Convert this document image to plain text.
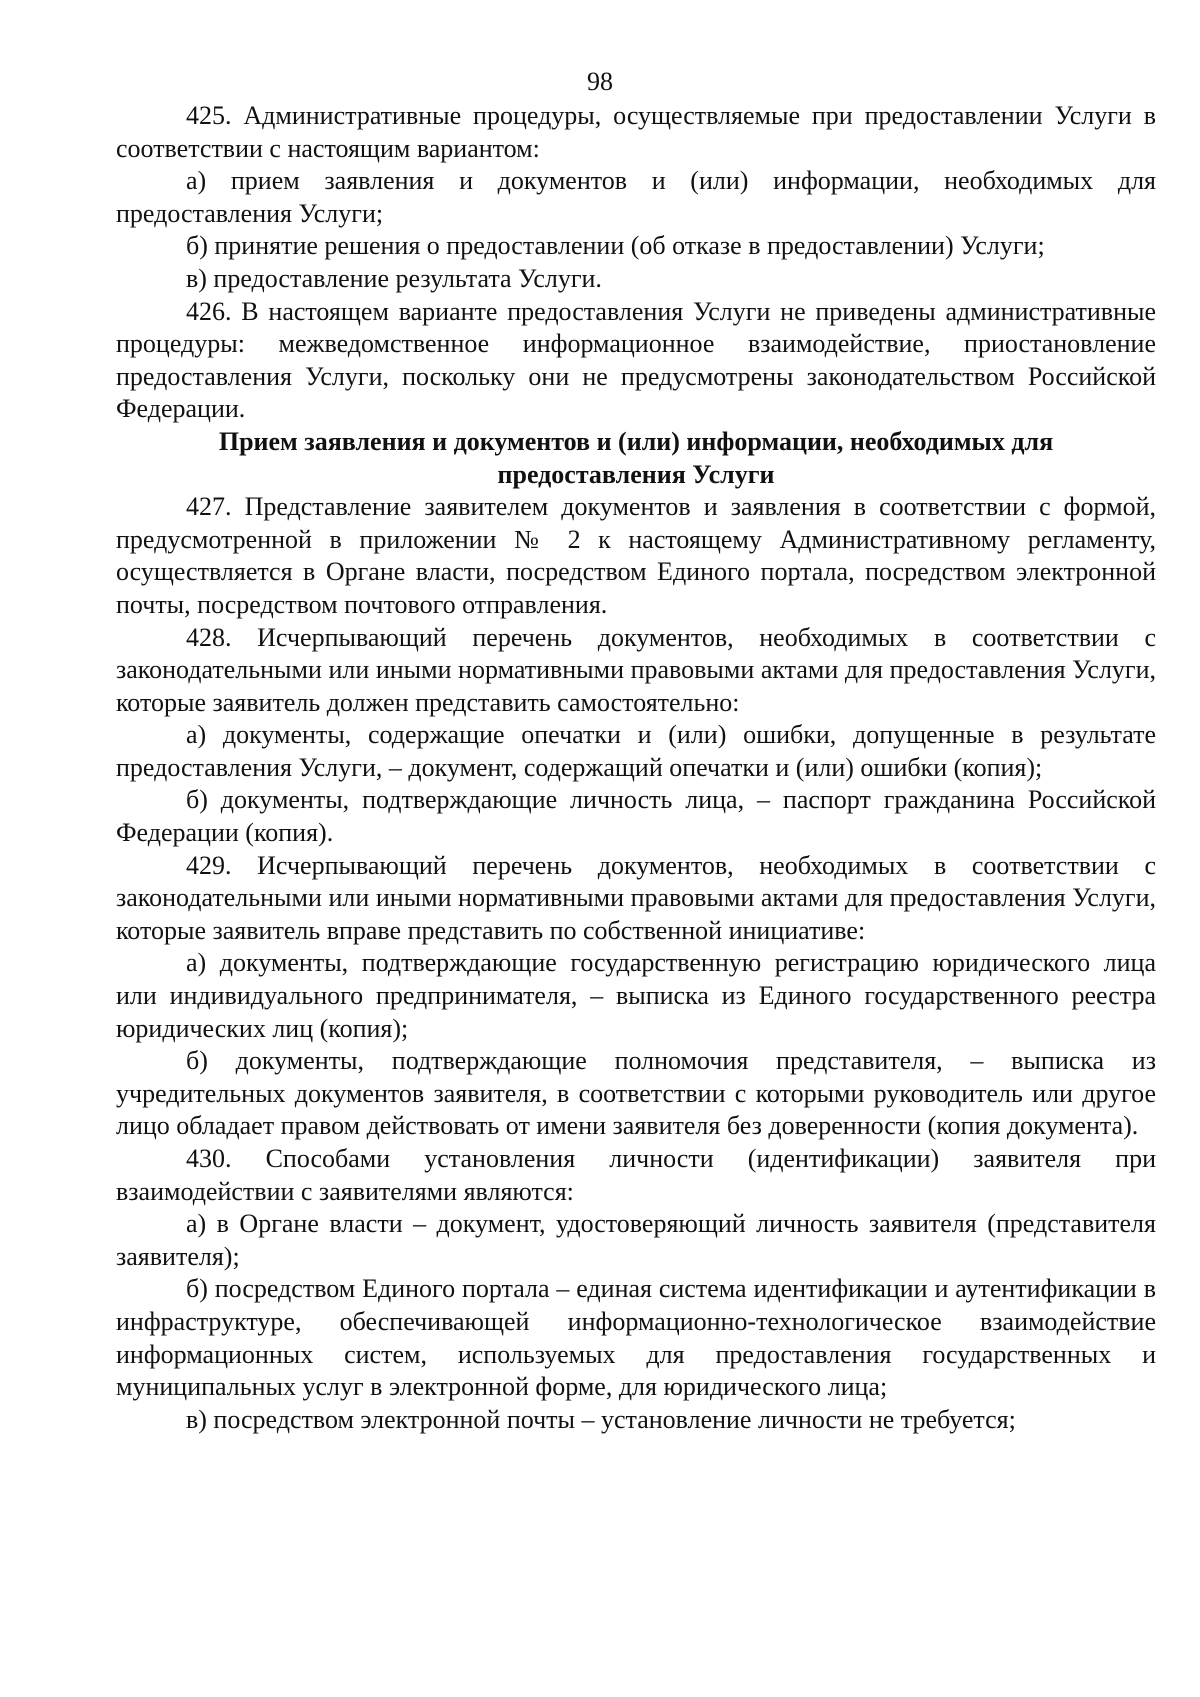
98

425. Административные процедуры, осуществляемые при предоставлении Услуги в соответствии с настоящим вариантом:

а) прием заявления и документов и (или) информации, необходимых для предоставления Услуги;

б) принятие решения о предоставлении (об отказе в предоставлении) Услуги;

в) предоставление результата Услуги.

426. В настоящем варианте предоставления Услуги не приведены административные процедуры: межведомственное информационное взаимодействие, приостановление предоставления Услуги, поскольку они не предусмотрены законодательством Российской Федерации.

Прием заявления и документов и (или) информации, необходимых для предоставления Услуги

427. Представление заявителем документов и заявления в соответствии с формой, предусмотренной в приложении № 2 к настоящему Административному регламенту, осуществляется в Органе власти, посредством Единого портала, посредством электронной почты, посредством почтового отправления.

428. Исчерпывающий перечень документов, необходимых в соответствии с законодательными или иными нормативными правовыми актами для предоставления Услуги, которые заявитель должен представить самостоятельно:

а) документы, содержащие опечатки и (или) ошибки, допущенные в результате предоставления Услуги, – документ, содержащий опечатки и (или) ошибки (копия);

б) документы, подтверждающие личность лица, – паспорт гражданина Российской Федерации (копия).

429. Исчерпывающий перечень документов, необходимых в соответствии с законодательными или иными нормативными правовыми актами для предоставления Услуги, которые заявитель вправе представить по собственной инициативе:

а) документы, подтверждающие государственную регистрацию юридического лица или индивидуального предпринимателя, – выписка из Единого государственного реестра юридических лиц (копия);

б) документы, подтверждающие полномочия представителя, – выписка из учредительных документов заявителя, в соответствии с которыми руководитель или другое лицо обладает правом действовать от имени заявителя без доверенности (копия документа).

430. Способами установления личности (идентификации) заявителя при взаимодействии с заявителями являются:

а) в Органе власти – документ, удостоверяющий личность заявителя (представителя заявителя);

б) посредством Единого портала – единая система идентификации и аутентификации в инфраструктуре, обеспечивающей информационно-технологическое взаимодействие информационных систем, используемых для предоставления государственных и муниципальных услуг в электронной форме, для юридического лица;

в) посредством электронной почты – установление личности не требуется;
